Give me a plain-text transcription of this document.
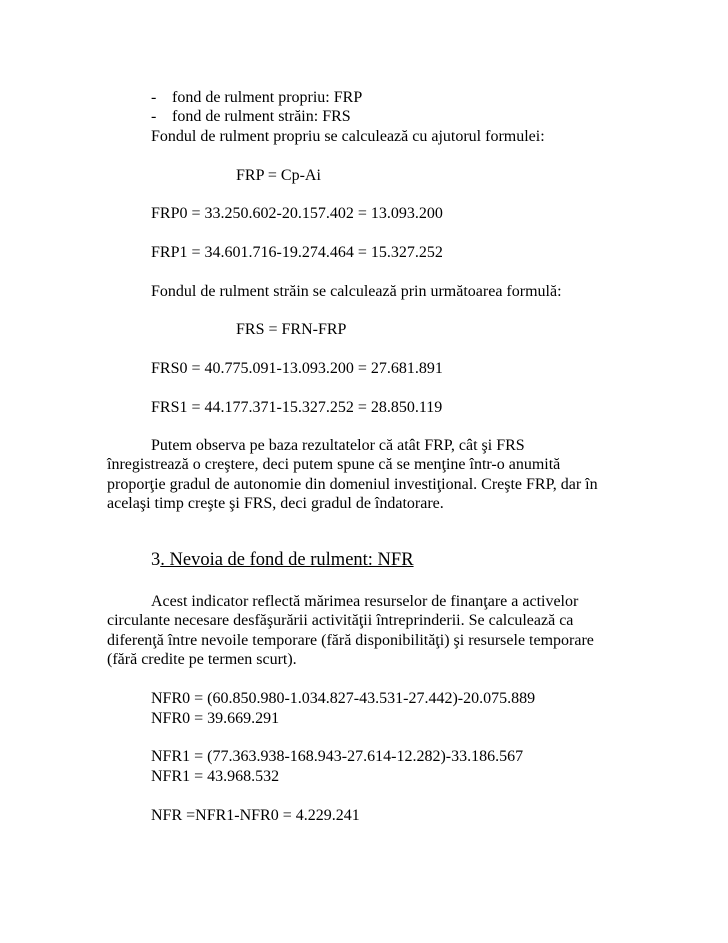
- fond de rulment propriu: FRP
- fond de rulment străin: FRS
Fondul de rulment propriu se calculează cu ajutorul formulei:
FRP = Cp-Ai
FRP0 = 33.250.602-20.157.402 = 13.093.200
FRP1 = 34.601.716-19.274.464 = 15.327.252
Fondul de rulment străin se calculează prin următoarea formulă:
FRS = FRN-FRP
FRS0 = 40.775.091-13.093.200 = 27.681.891
FRS1 = 44.177.371-15.327.252 = 28.850.119
Putem observa pe baza rezultatelor că atât FRP, cât şi FRS
înregistrează o creştere, deci putem spune că se menţine într-o anumită
proporţie gradul de autonomie din domeniul investiţional. Creşte FRP, dar în
acelaşi timp creşte şi FRS, deci gradul de îndatorare.
3. Nevoia de fond de rulment: NFR
Acest indicator reflectă mărimea resurselor de finanţare a activelor
circulante necesare desfăşurării activităţii întreprinderii. Se calculează ca
diferenţă între nevoile temporare (fără disponibilităţi) şi resursele temporare
(fără credite pe termen scurt).
NFR0 = (60.850.980-1.034.827-43.531-27.442)-20.075.889
NFR0 = 39.669.291
NFR1 = (77.363.938-168.943-27.614-12.282)-33.186.567
NFR1 = 43.968.532
NFR =NFR1-NFR0 = 4.229.241
